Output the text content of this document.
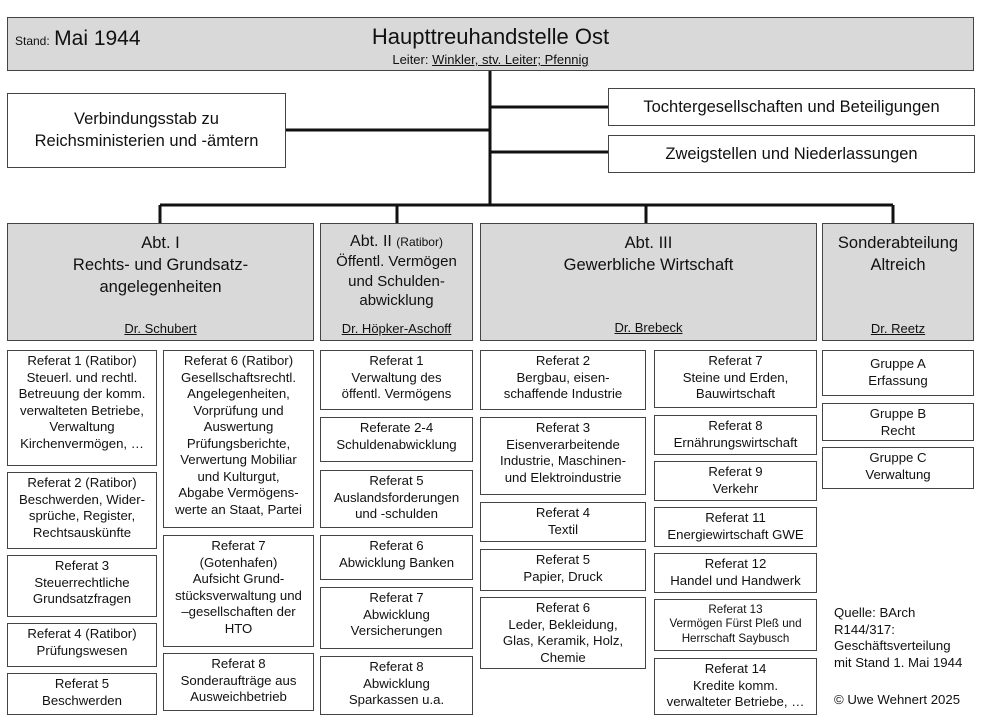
Stand: Mai 1944	Haupttreuhandstelle Ost
Leiter: Winkler, stv. Leiter; Pfennig
Verbindungsstab zu
Reichsministerien und -ämtern
Tochtergesellschaften und Beteiligungen
Zweigstellen und Niederlassungen
Abt. I
Rechts- und Grundsatz-
angelegenheiten
Dr. Schubert
Abt. II (Ratibor)
Öffentl. Vermögen
und Schulden-
abwicklung
Dr. Höpker-Aschoff
Abt. III
Gewerbliche Wirtschaft
Dr. Brebeck
Sonderabteilung
Altreich
Dr. Reetz
Referat 1 (Ratibor)
Steuerl. und rechtl.
Betreuung der komm.
verwalteten Betriebe,
Verwaltung
Kirchenvermögen, …
Referat 2 (Ratibor)
Beschwerden, Wider-
sprüche, Register,
Rechtsauskünfte
Referat 3
Steuerrechtliche
Grundsatzfragen
Referat 4 (Ratibor)
Prüfungswesen
Referat 5
Beschwerden
Referat 6 (Ratibor)
Gesellschaftsrechtl.
Angelegenheiten,
Vorprüfung und
Auswertung
Prüfungsberichte,
Verwertung Mobiliar
und Kulturgut,
Abgabe Vermögens-
werte an Staat, Partei
Referat 7
(Gotenhafen)
Aufsicht Grund-
stücksverwaltung und
–gesellschaften der
HTO
Referat 8
Sonderaufträge aus
Ausweichbetrieb
Referat 1
Verwaltung des
öffentl. Vermögens
Referate 2-4
Schuldenabwicklung
Referat 5
Auslandsforderungen
und -schulden
Referat 6
Abwicklung Banken
Referat 7
Abwicklung
Versicherungen
Referat 8
Abwicklung
Sparkassen u.a.
Referat 2
Bergbau, eisen-
schaffende Industrie
Referat 3
Eisenverarbeitende
Industrie, Maschinen-
und Elektroindustrie
Referat 4
Textil
Referat 5
Papier, Druck
Referat 6
Leder, Bekleidung,
Glas, Keramik, Holz,
Chemie
Referat 7
Steine und Erden,
Bauwirtschaft
Referat 8
Ernährungswirtschaft
Referat 9
Verkehr
Referat 11
Energiewirtschaft GWE
Referat 12
Handel und Handwerk
Referat 13
Vermögen Fürst Pleß und
Herrschaft Saybusch
Referat 14
Kredite komm.
verwalteter Betriebe, …
Gruppe A
Erfassung
Gruppe B
Recht
Gruppe C
Verwaltung
Quelle: BArch
R144/317:
Geschäftsverteilung
mit Stand 1. Mai 1944
© Uwe Wehnert 2025
